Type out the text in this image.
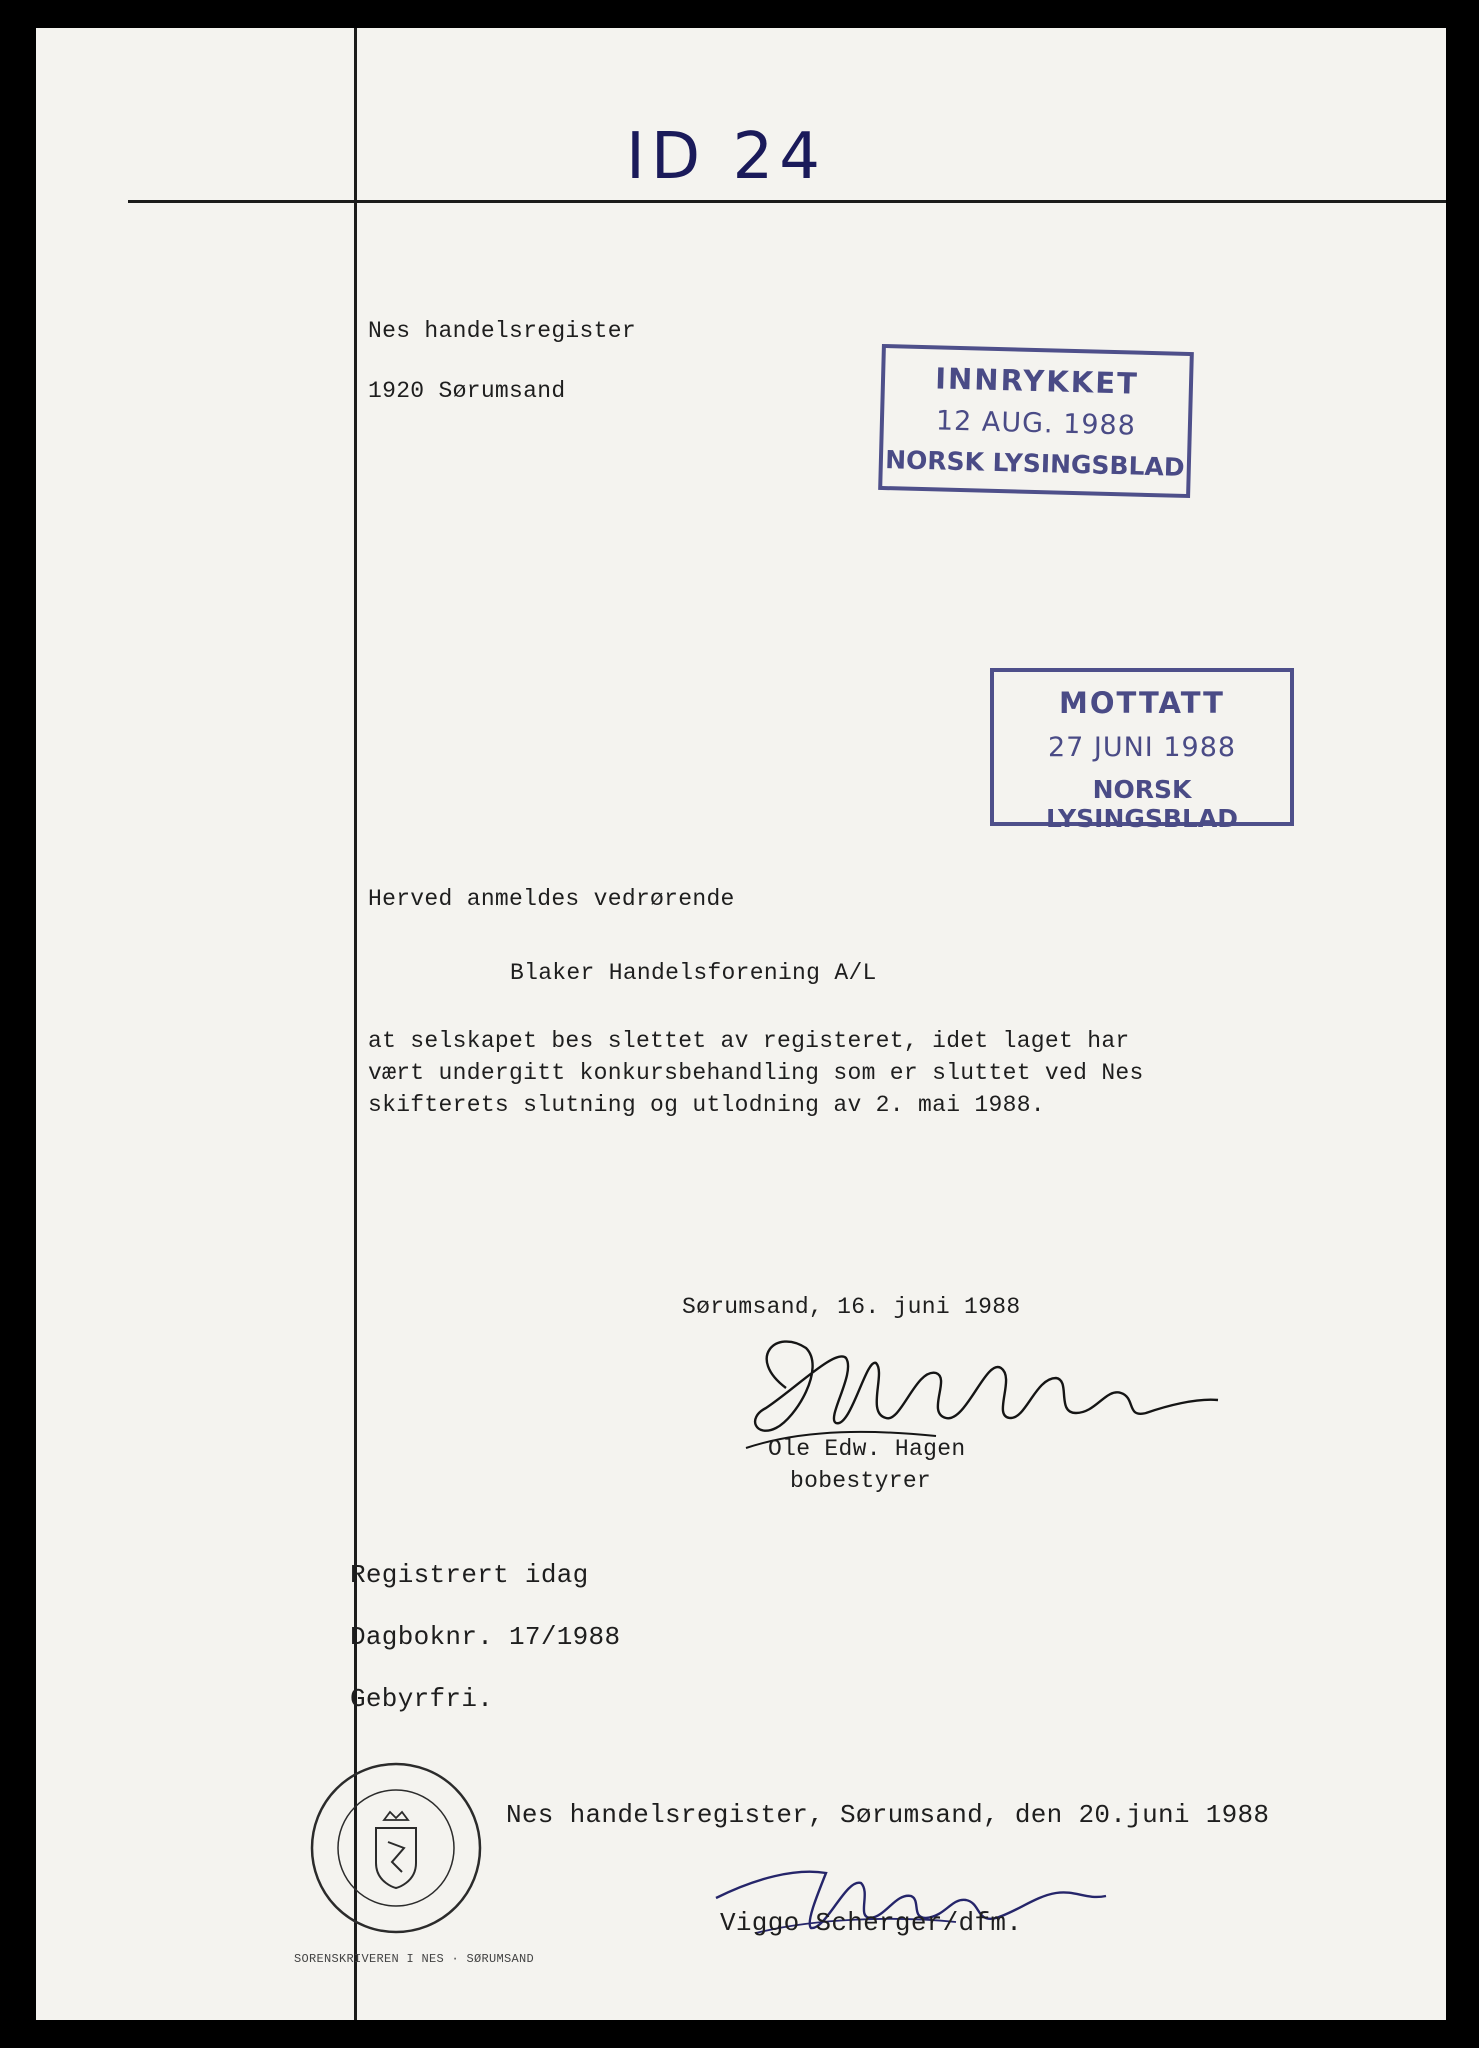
ID 24
Nes handelsregister
1920 Sørumsand	INNRYKKET
12 AUG. 1988
NORSK LYSINGSBLAD
MOTTATT
27 JUNI 1988
NORSK LYSINGSBLAD
Herved anmeldes vedrørende
Blaker Handelsforening A/L
at selskapet bes slettet av registeret, idet laget har
vært undergitt konkursbehandling som er sluttet ved Nes
skifterets slutning og utlodning av 2. mai 1988.
Sørumsand, 16. juni 1988
Ole Edw. Hagen
bobestyrer
Registrert idag
Dagboknr. 17/1988
Gebyrfri.
SORENSKRIVEREN I NES · SØRUMSAND
Nes handelsregister, Sørumsand, den 20.juni 1988
Viggo Scherger/dfm.
